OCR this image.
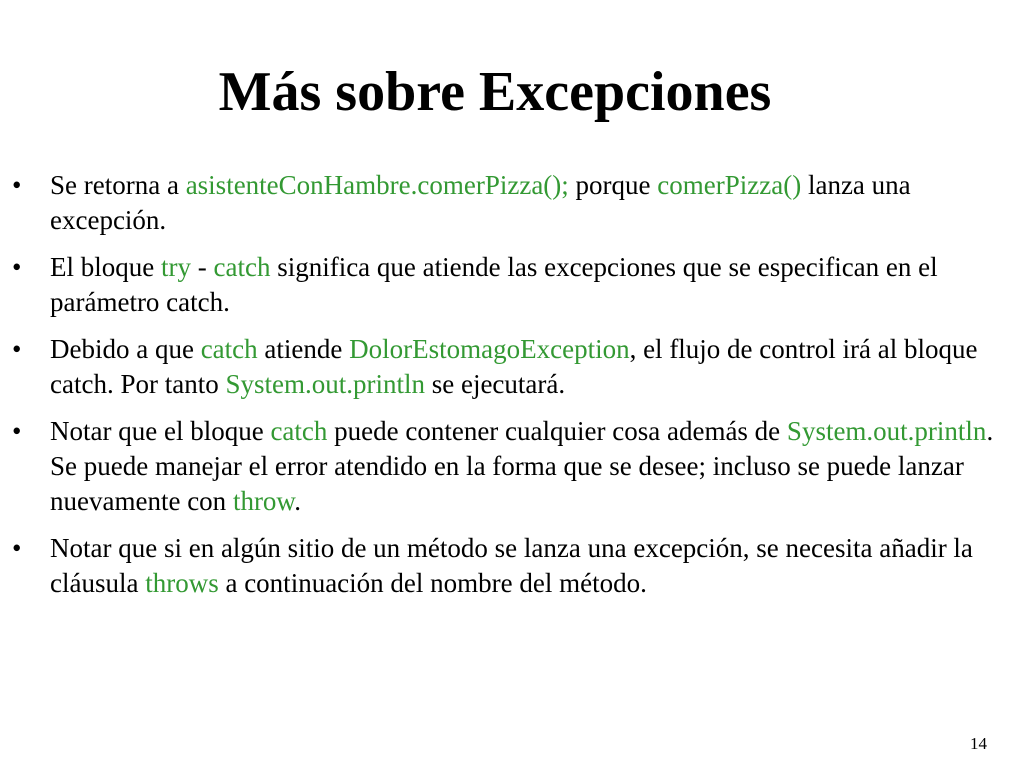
Más sobre Excepciones
• Se retorna a asistenteConHambre.comerPizza(); porque comerPizza() lanza una excepción.
• El bloque try - catch significa que atiende las excepciones que se especifican en el parámetro catch.
• Debido a que catch atiende DolorEstomagoException, el flujo de control irá al bloque catch. Por tanto System.out.println se ejecutará.
• Notar que el bloque catch puede contener cualquier cosa además de System.out.println. Se puede manejar el error atendido en la forma que se desee; incluso se puede lanzar nuevamente con throw.
• Notar que si en algún sitio de un método se lanza una excepción, se necesita añadir la cláusula throws a continuación del nombre del método.
14
